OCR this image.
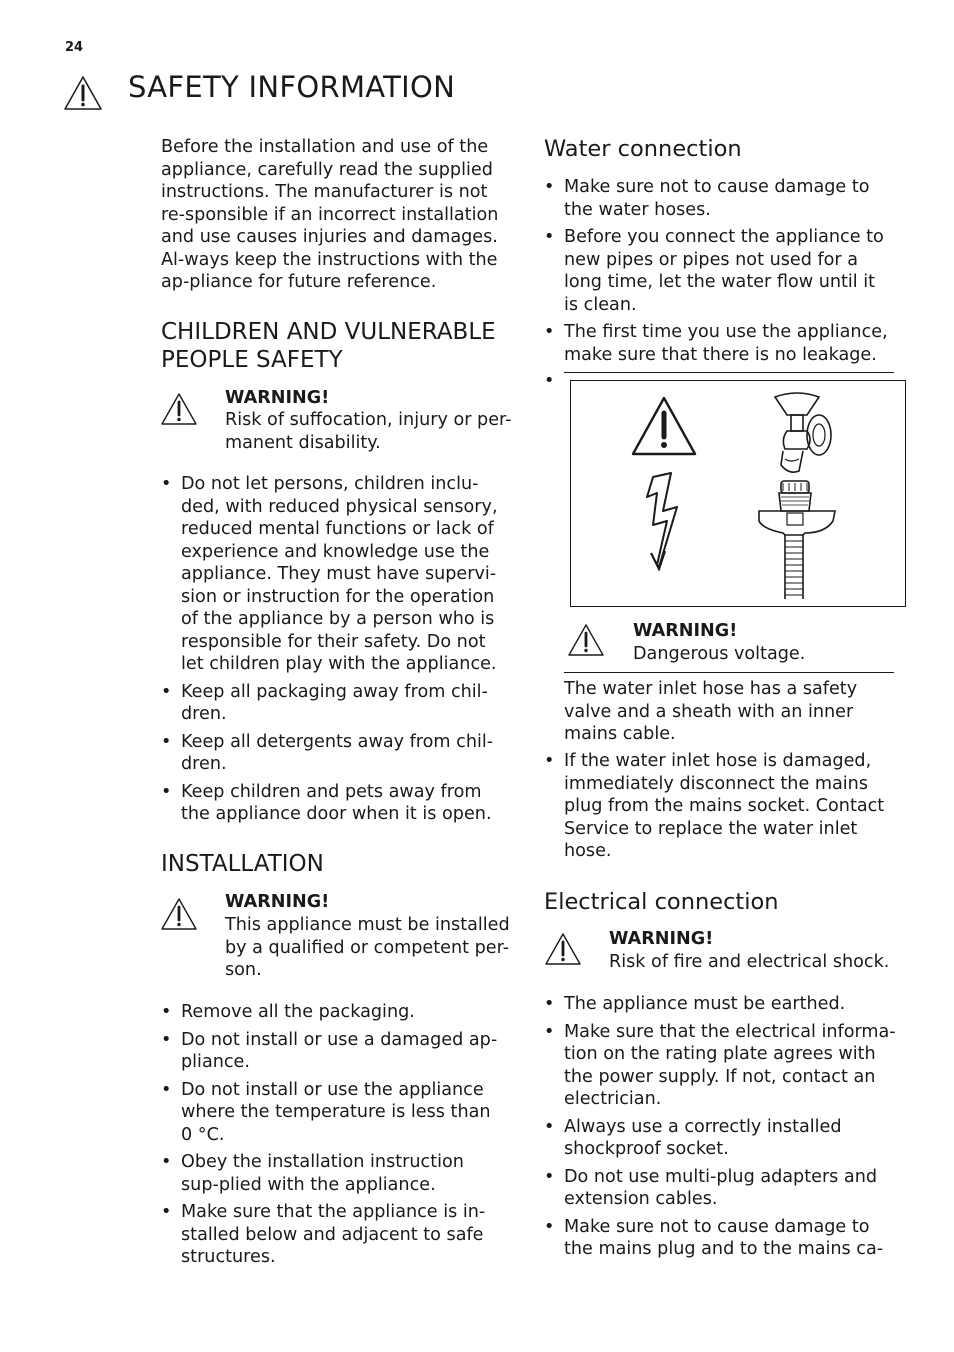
24
SAFETY INFORMATION
Before the installation and use of the appliance, carefully read the supplied instructions. The manufacturer is not re-sponsible if an incorrect installation and use causes injuries and damages. Al-ways keep the instructions with the ap-pliance for future reference.
CHILDREN AND VULNERABLE PEOPLE SAFETY
WARNING!
Risk of suffocation, injury or per-manent disability.
• Do not let persons, children inclu-ded, with reduced physical sensory, reduced mental functions or lack of experience and knowledge use the appliance. They must have supervi-sion or instruction for the operation of the appliance by a person who is responsible for their safety. Do not let children play with the appliance.
• Keep all packaging away from chil-dren.
• Keep all detergents away from chil-dren.
• Keep children and pets away from the appliance door when it is open.
INSTALLATION
WARNING!
This appliance must be installed by a qualified or competent per-son.
• Remove all the packaging.
• Do not install or use a damaged ap-pliance.
• Do not install or use the appliance where the temperature is less than 0 °C.
• Obey the installation instruction sup-plied with the appliance.
• Make sure that the appliance is in-stalled below and adjacent to safe structures.
Water connection
• Make sure not to cause damage to the water hoses.
• Before you connect the appliance to new pipes or pipes not used for a long time, let the water flow until it is clean.
• The first time you use the appliance, make sure that there is no leakage.
•
WARNING!
Dangerous voltage.
The water inlet hose has a safety valve and a sheath with an inner mains cable.
• If the water inlet hose is damaged, immediately disconnect the mains plug from the mains socket. Contact Service to replace the water inlet hose.
Electrical connection
WARNING!
Risk of fire and electrical shock.
• The appliance must be earthed.
• Make sure that the electrical informa-tion on the rating plate agrees with the power supply. If not, contact an electrician.
• Always use a correctly installed shockproof socket.
• Do not use multi-plug adapters and extension cables.
• Make sure not to cause damage to the mains plug and to the mains ca-
